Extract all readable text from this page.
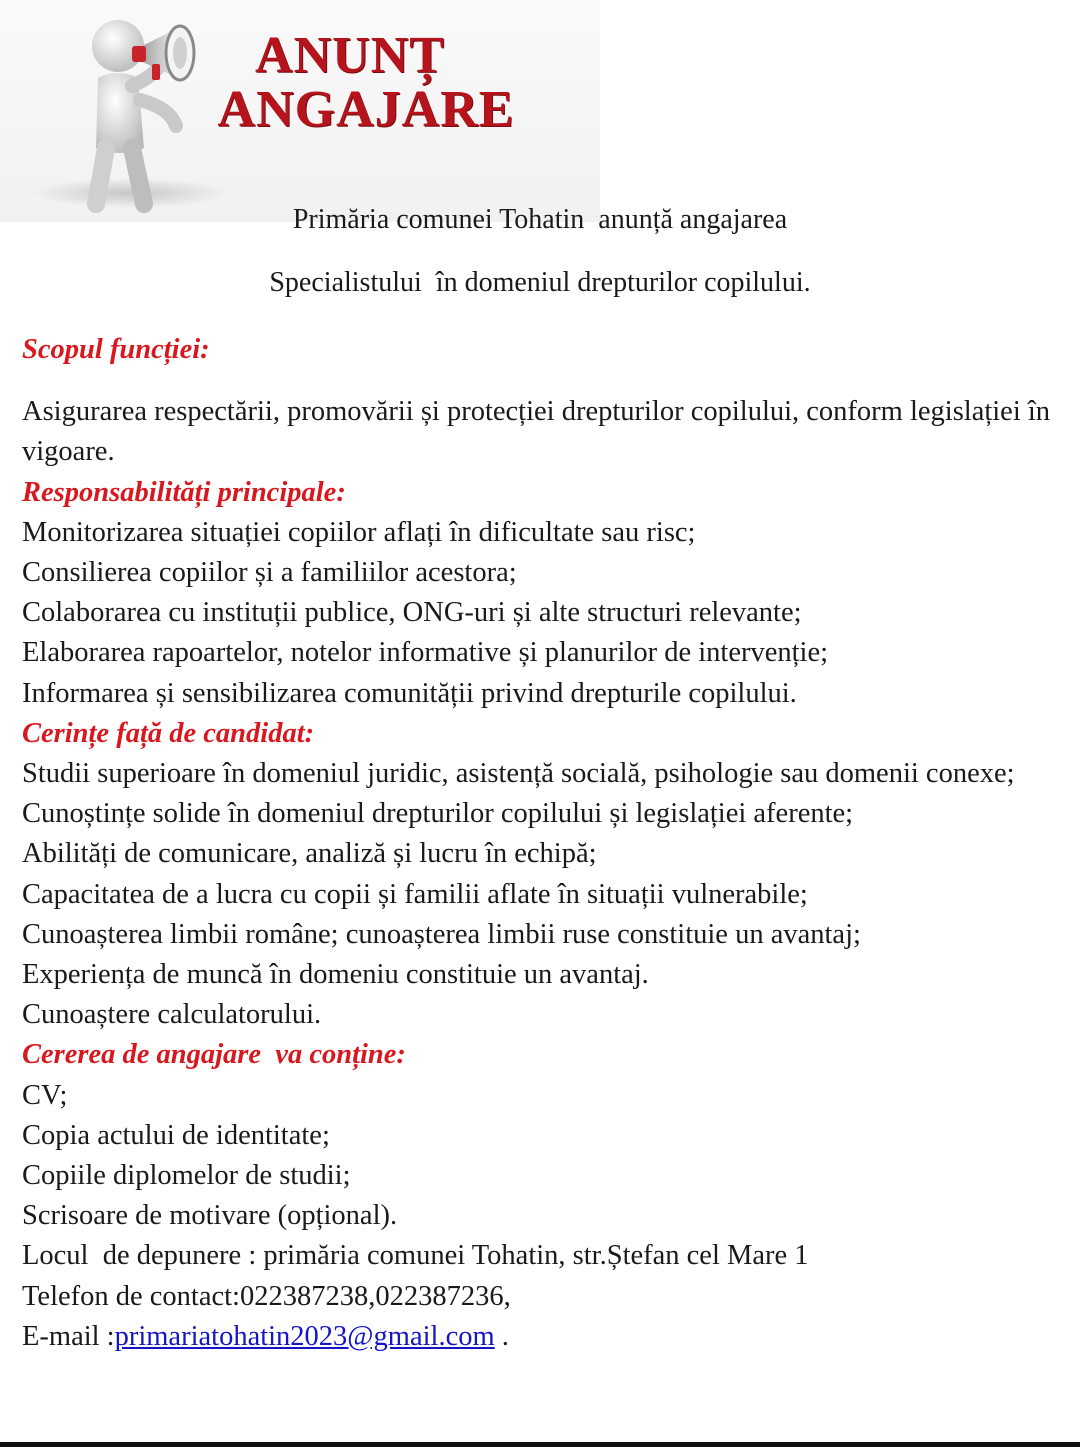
ANUNȚ
ANGAJARE
Primăria comunei Tohatin  anunță angajarea
Specialistului  în domeniul drepturilor copilului.

Scopul funcției:

Asigurarea respectării, promovării și protecției drepturilor copilului, conform legislației în vigoare.

Responsabilități principale:

Monitorizarea situației copiilor aflați în dificultate sau risc;

Consilierea copiilor și a familiilor acestora;

Colaborarea cu instituții publice, ONG-uri și alte structuri relevante;

Elaborarea rapoartelor, notelor informative și planurilor de intervenție;

Informarea și sensibilizarea comunității privind drepturile copilului.

Cerințe față de candidat:

Studii superioare în domeniul juridic, asistență socială, psihologie sau domenii conexe;

Cunoștințe solide în domeniul drepturilor copilului și legislației aferente;

Abilități de comunicare, analiză și lucru în echipă;

Capacitatea de a lucra cu copii și familii aflate în situații vulnerabile;

Cunoașterea limbii române; cunoașterea limbii ruse constituie un avantaj;

Experiența de muncă în domeniu constituie un avantaj.

Cunoaștere calculatorului.

Cererea de angajare  va conține:

CV;

Copia actului de identitate;

Copiile diplomelor de studii;

Scrisoare de motivare (opțional).

Locul  de depunere : primăria comunei Tohatin, str.Ștefan cel Mare 1

Telefon de contact:022387238,022387236,

E-mail :primariatohatin2023@gmail.com .
